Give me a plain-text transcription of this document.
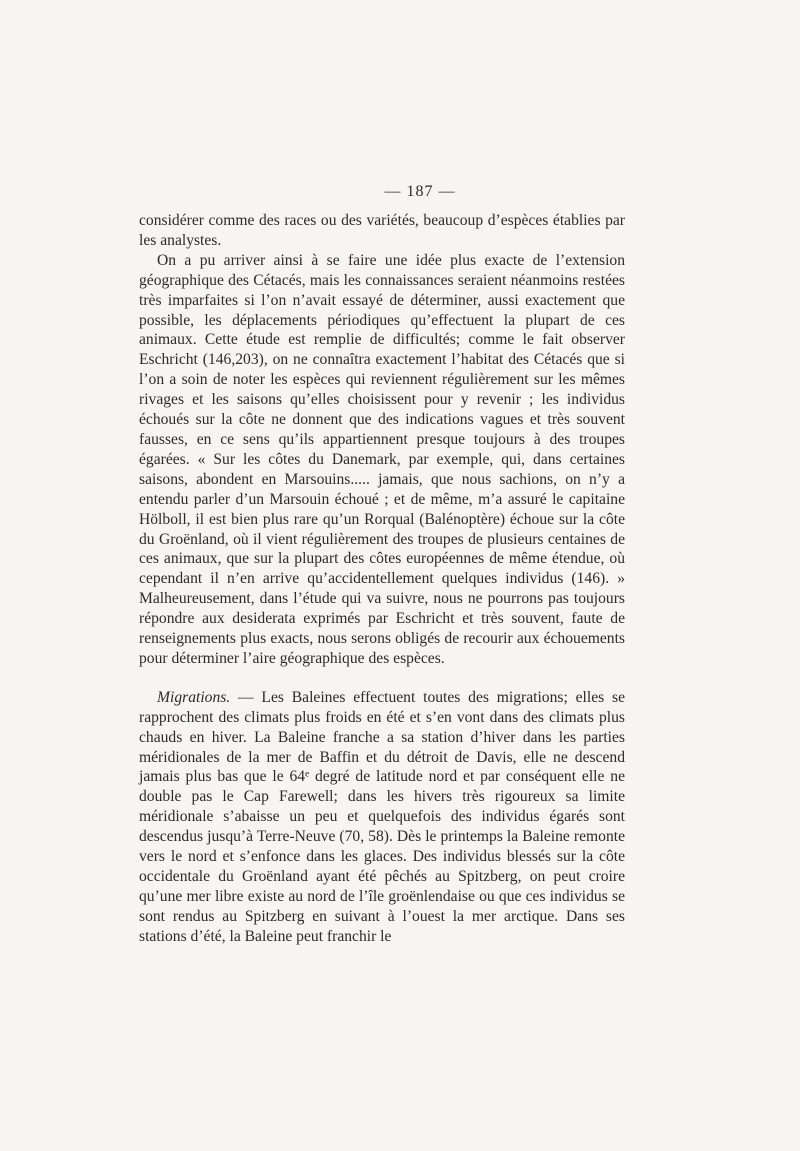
— 187 —

considérer comme des races ou des variétés, beaucoup d’espèces établies par les analystes.

On a pu arriver ainsi à se faire une idée plus exacte de l’extension géographique des Cétacés, mais les connaissances seraient néanmoins restées très imparfaites si l’on n’avait essayé de déterminer, aussi exactement que possible, les déplacements périodiques qu’effectuent la plupart de ces animaux. Cette étude est remplie de difficultés; comme le fait observer Eschricht (146,203), on ne connaîtra exactement l’habitat des Cétacés que si l’on a soin de noter les espèces qui reviennent régulièrement sur les mêmes rivages et les saisons qu’elles choisissent pour y revenir ; les individus échoués sur la côte ne donnent que des indications vagues et très souvent fausses, en ce sens qu’ils appartiennent presque toujours à des troupes égarées. « Sur les côtes du Danemark, par exemple, qui, dans certaines saisons, abondent en Marsouins..... jamais, que nous sachions, on n’y a entendu parler d’un Marsouin échoué ; et de même, m’a assuré le capitaine Hölboll, il est bien plus rare qu’un Rorqual (Balénoptère) échoue sur la côte du Groënland, où il vient régulièrement des troupes de plusieurs centaines de ces animaux, que sur la plupart des côtes européennes de même étendue, où cependant il n’en arrive qu’accidentellement quelques individus (146). » Malheureusement, dans l’étude qui va suivre, nous ne pourrons pas toujours répondre aux desiderata exprimés par Eschricht et très souvent, faute de renseignements plus exacts, nous serons obligés de recourir aux échouements pour déterminer l’aire géographique des espèces.

Migrations. — Les Baleines effectuent toutes des migrations; elles se rapprochent des climats plus froids en été et s’en vont dans des climats plus chauds en hiver. La Baleine franche a sa station d’hiver dans les parties méridionales de la mer de Baffin et du détroit de Davis, elle ne descend jamais plus bas que le 64ᵉ degré de latitude nord et par conséquent elle ne double pas le Cap Farewell; dans les hivers très rigoureux sa limite méridionale s’abaisse un peu et quelquefois des individus égarés sont descendus jusqu’à Terre-Neuve (70, 58). Dès le printemps la Baleine remonte vers le nord et s’enfonce dans les glaces. Des individus blessés sur la côte occidentale du Groënland ayant été pêchés au Spitzberg, on peut croire qu’une mer libre existe au nord de l’île groënlendaise ou que ces individus se sont rendus au Spitzberg en suivant à l’ouest la mer arctique. Dans ses stations d’été, la Baleine peut franchir le
